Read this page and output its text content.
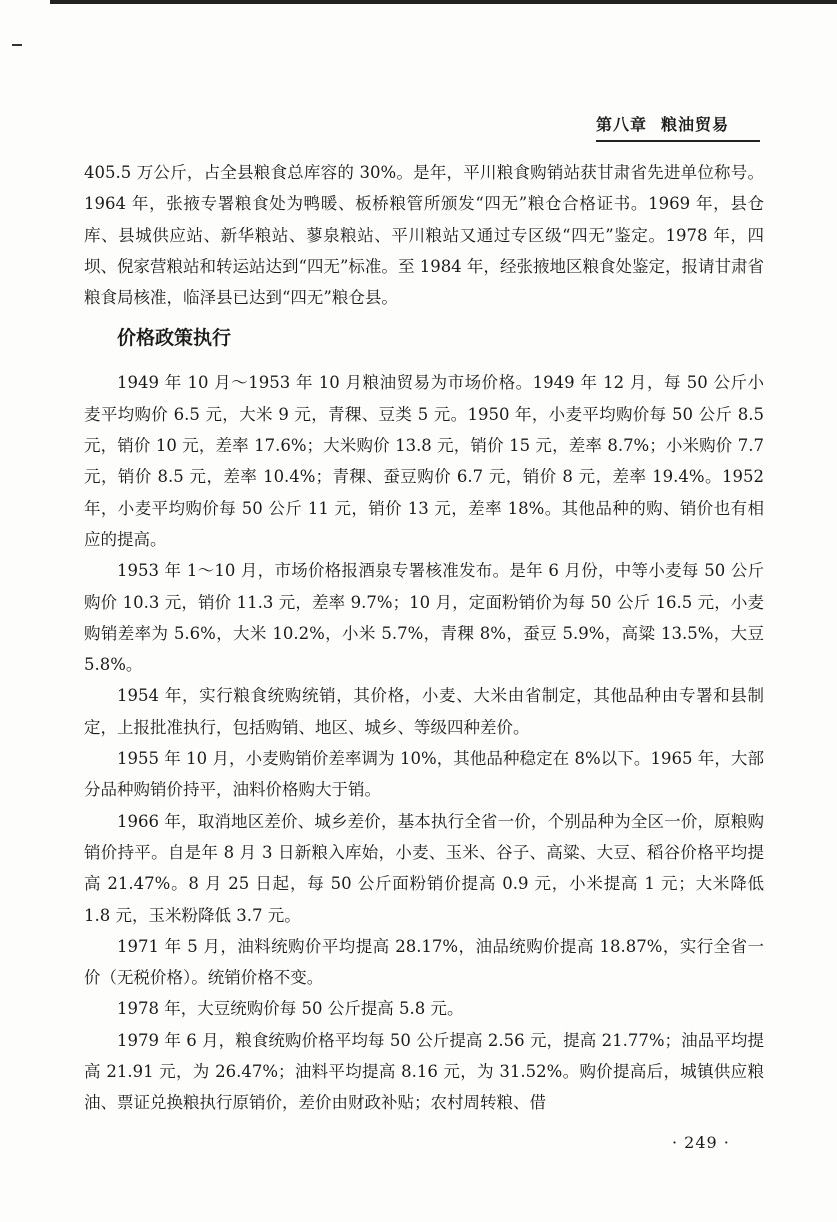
第八章 粮油贸易

405.5 万公斤，占全县粮食总库容的 30%。是年，平川粮食购销站获甘肃省先进单位称号。1964 年，张掖专署粮食处为鸭暖、板桥粮管所颁发“四无”粮仓合格证书。1969 年，县仓库、县城供应站、新华粮站、蓼泉粮站、平川粮站又通过专区级“四无”鉴定。1978 年，四坝、倪家营粮站和转运站达到“四无”标准。至 1984 年，经张掖地区粮食处鉴定，报请甘肃省粮食局核准，临泽县已达到“四无”粮仓县。

价格政策执行

1949 年 10 月～1953 年 10 月粮油贸易为市场价格。1949 年 12 月，每 50 公斤小麦平均购价 6.5 元，大米 9 元，青稞、豆类 5 元。1950 年，小麦平均购价每 50 公斤 8.5 元，销价 10 元，差率 17.6%；大米购价 13.8 元，销价 15 元，差率 8.7%；小米购价 7.7 元，销价 8.5 元，差率 10.4%；青稞、蚕豆购价 6.7 元，销价 8 元，差率 19.4%。1952 年，小麦平均购价每 50 公斤 11 元，销价 13 元，差率 18%。其他品种的购、销价也有相应的提高。

1953 年 1～10 月，市场价格报酒泉专署核准发布。是年 6 月份，中等小麦每 50 公斤购价 10.3 元，销价 11.3 元，差率 9.7%；10 月，定面粉销价为每 50 公斤 16.5 元，小麦购销差率为 5.6%，大米 10.2%，小米 5.7%，青稞 8%，蚕豆 5.9%，高粱 13.5%，大豆 5.8%。

1954 年，实行粮食统购统销，其价格，小麦、大米由省制定，其他品种由专署和县制定，上报批准执行，包括购销、地区、城乡、等级四种差价。

1955 年 10 月，小麦购销价差率调为 10%，其他品种稳定在 8%以下。1965 年，大部分品种购销价持平，油料价格购大于销。

1966 年，取消地区差价、城乡差价，基本执行全省一价，个别品种为全区一价，原粮购销价持平。自是年 8 月 3 日新粮入库始，小麦、玉米、谷子、高粱、大豆、稻谷价格平均提高 21.47%。8 月 25 日起，每 50 公斤面粉销价提高 0.9 元，小米提高 1 元；大米降低 1.8 元，玉米粉降低 3.7 元。

1971 年 5 月，油料统购价平均提高 28.17%，油品统购价提高 18.87%，实行全省一价（无税价格）。统销价格不变。

1978 年，大豆统购价每 50 公斤提高 5.8 元。

1979 年 6 月，粮食统购价格平均每 50 公斤提高 2.56 元，提高 21.77%；油品平均提高 21.91 元，为 26.47%；油料平均提高 8.16 元，为 31.52%。购价提高后，城镇供应粮油、票证兑换粮执行原销价，差价由财政补贴；农村周转粮、借

· 249 ·
